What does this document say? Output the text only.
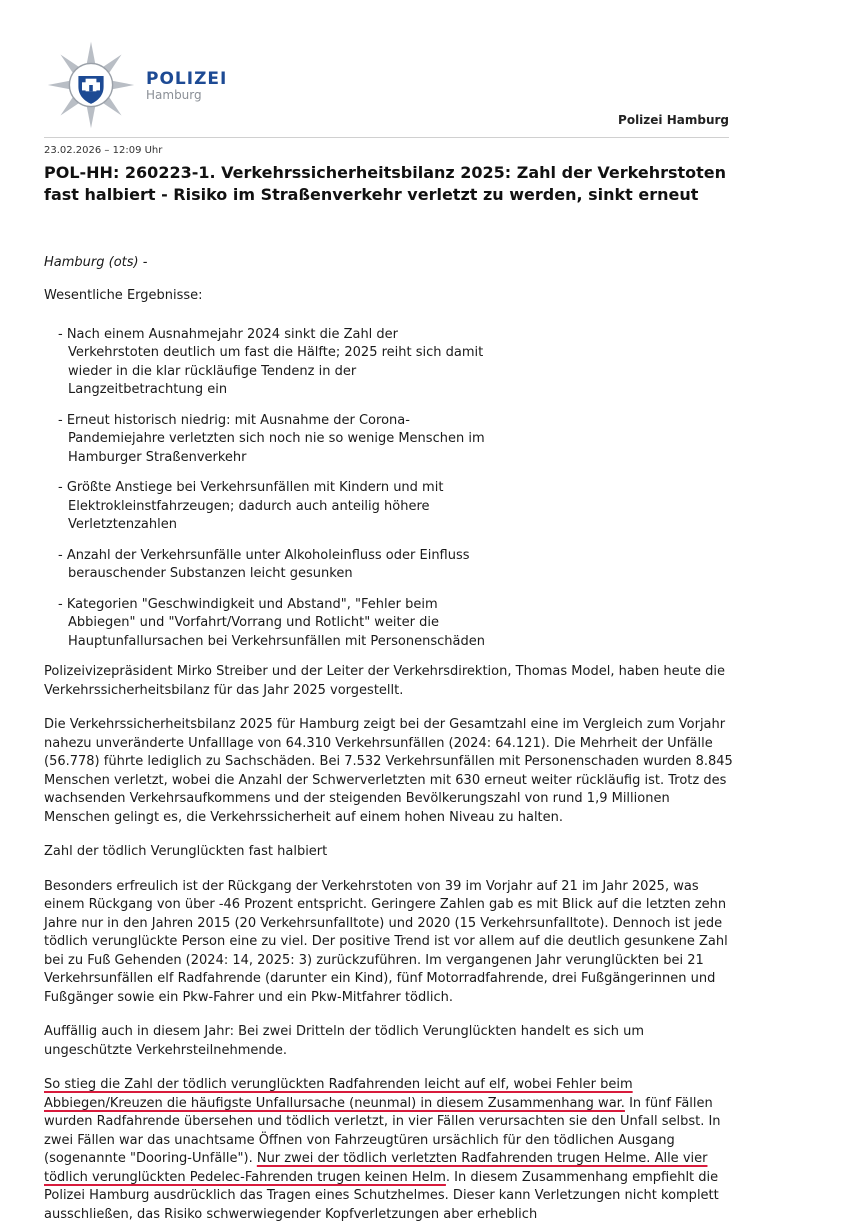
POLIZEI
Hamburg
Polizei Hamburg
23.02.2026 – 12:09 Uhr
POL-HH: 260223-1. Verkehrssicherheitsbilanz 2025: Zahl der Verkehrstoten fast halbiert - Risiko im Straßenverkehr verletzt zu werden, sinkt erneut

Hamburg (ots) -

Wesentliche Ergebnisse:

- Nach einem Ausnahmejahr 2024 sinkt die Zahl der Verkehrstoten deutlich um fast die Hälfte; 2025 reiht sich damit wieder in die klar rückläufige Tendenz in der Langzeitbetrachtung ein
- Erneut historisch niedrig: mit Ausnahme der Corona-Pandemiejahre verletzten sich noch nie so wenige Menschen im Hamburger Straßenverkehr
- Größte Anstiege bei Verkehrsunfällen mit Kindern und mit Elektrokleinstfahrzeugen; dadurch auch anteilig höhere Verletztenzahlen
- Anzahl der Verkehrsunfälle unter Alkoholeinfluss oder Einfluss berauschender Substanzen leicht gesunken
- Kategorien "Geschwindigkeit und Abstand", "Fehler beim Abbiegen" und "Vorfahrt/Vorrang und Rotlicht" weiter die Hauptunfallursachen bei Verkehrsunfällen mit Personenschäden

Polizeivizepräsident Mirko Streiber und der Leiter der Verkehrsdirektion, Thomas Model, haben heute die Verkehrssicherheitsbilanz für das Jahr 2025 vorgestellt.

Die Verkehrssicherheitsbilanz 2025 für Hamburg zeigt bei der Gesamtzahl eine im Vergleich zum Vorjahr nahezu unveränderte Unfalllage von 64.310 Verkehrsunfällen (2024: 64.121). Die Mehrheit der Unfälle (56.778) führte lediglich zu Sachschäden. Bei 7.532 Verkehrsunfällen mit Personenschaden wurden 8.845 Menschen verletzt, wobei die Anzahl der Schwerverletzten mit 630 erneut weiter rückläufig ist. Trotz des wachsenden Verkehrsaufkommens und der steigenden Bevölkerungszahl von rund 1,9 Millionen Menschen gelingt es, die Verkehrssicherheit auf einem hohen Niveau zu halten.

Zahl der tödlich Verunglückten fast halbiert

Besonders erfreulich ist der Rückgang der Verkehrstoten von 39 im Vorjahr auf 21 im Jahr 2025, was einem Rückgang von über -46 Prozent entspricht. Geringere Zahlen gab es mit Blick auf die letzten zehn Jahre nur in den Jahren 2015 (20 Verkehrsunfalltote) und 2020 (15 Verkehrsunfalltote). Dennoch ist jede tödlich verunglückte Person eine zu viel. Der positive Trend ist vor allem auf die deutlich gesunkene Zahl bei zu Fuß Gehenden (2024: 14, 2025: 3) zurückzuführen. Im vergangenen Jahr verunglückten bei 21 Verkehrsunfällen elf Radfahrende (darunter ein Kind), fünf Motorradfahrende, drei Fußgängerinnen und Fußgänger sowie ein Pkw-Fahrer und ein Pkw-Mitfahrer tödlich.

Auffällig auch in diesem Jahr: Bei zwei Dritteln der tödlich Verunglückten handelt es sich um ungeschützte Verkehrsteilnehmende.

So stieg die Zahl der tödlich verunglückten Radfahrenden leicht auf elf, wobei Fehler beim Abbiegen/Kreuzen die häufigste Unfallursache (neunmal) in diesem Zusammenhang war. In fünf Fällen wurden Radfahrende übersehen und tödlich verletzt, in vier Fällen verursachten sie den Unfall selbst. In zwei Fällen war das unachtsame Öffnen von Fahrzeugtüren ursächlich für den tödlichen Ausgang (sogenannte "Dooring-Unfälle"). Nur zwei der tödlich verletzten Radfahrenden trugen Helme. Alle vier tödlich verunglückten Pedelec-Fahrenden trugen keinen Helm. In diesem Zusammenhang empfiehlt die Polizei Hamburg ausdrücklich das Tragen eines Schutzhelmes. Dieser kann Verletzungen nicht komplett ausschließen, das Risiko schwerwiegender Kopfverletzungen aber erheblich
